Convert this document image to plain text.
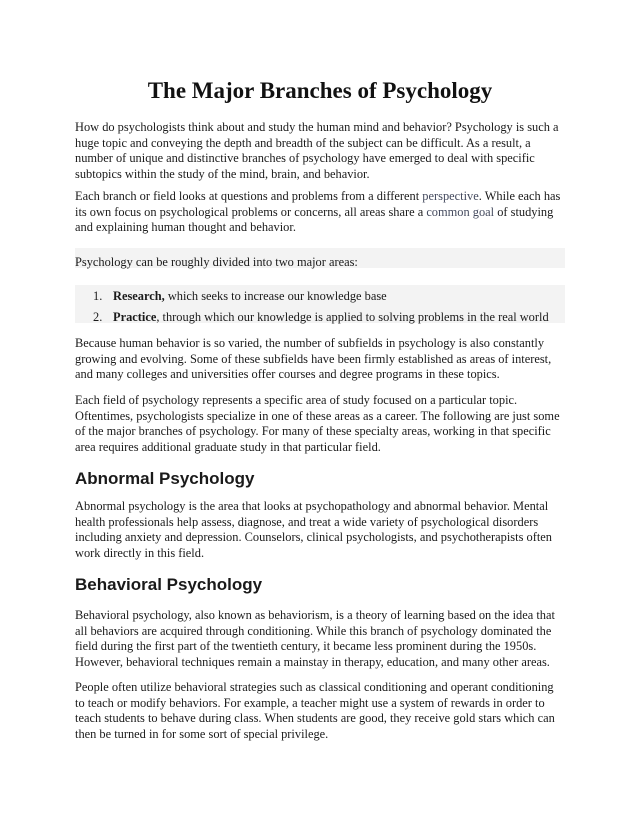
The Major Branches of Psychology

How do psychologists think about and study the human mind and behavior? Psychology is such a huge topic and conveying the depth and breadth of the subject can be difficult. As a result, a number of unique and distinctive branches of psychology have emerged to deal with specific subtopics within the study of the mind, brain, and behavior.

Each branch or field looks at questions and problems from a different perspective. While each has its own focus on psychological problems or concerns, all areas share a common goal of studying and explaining human thought and behavior.

Psychology can be roughly divided into two major areas:

1. Research, which seeks to increase our knowledge base

2. Practice, through which our knowledge is applied to solving problems in the real world

Because human behavior is so varied, the number of subfields in psychology is also constantly growing and evolving. Some of these subfields have been firmly established as areas of interest, and many colleges and universities offer courses and degree programs in these topics.

Each field of psychology represents a specific area of study focused on a particular topic. Oftentimes, psychologists specialize in one of these areas as a career. The following are just some of the major branches of psychology. For many of these specialty areas, working in that specific area requires additional graduate study in that particular field.

Abnormal Psychology

Abnormal psychology is the area that looks at psychopathology and abnormal behavior. Mental health professionals help assess, diagnose, and treat a wide variety of psychological disorders including anxiety and depression. Counselors, clinical psychologists, and psychotherapists often work directly in this field.

Behavioral Psychology

Behavioral psychology, also known as behaviorism, is a theory of learning based on the idea that all behaviors are acquired through conditioning. While this branch of psychology dominated the field during the first part of the twentieth century, it became less prominent during the 1950s. However, behavioral techniques remain a mainstay in therapy, education, and many other areas.

People often utilize behavioral strategies such as classical conditioning and operant conditioning to teach or modify behaviors. For example, a teacher might use a system of rewards in order to teach students to behave during class. When students are good, they receive gold stars which can then be turned in for some sort of special privilege.
